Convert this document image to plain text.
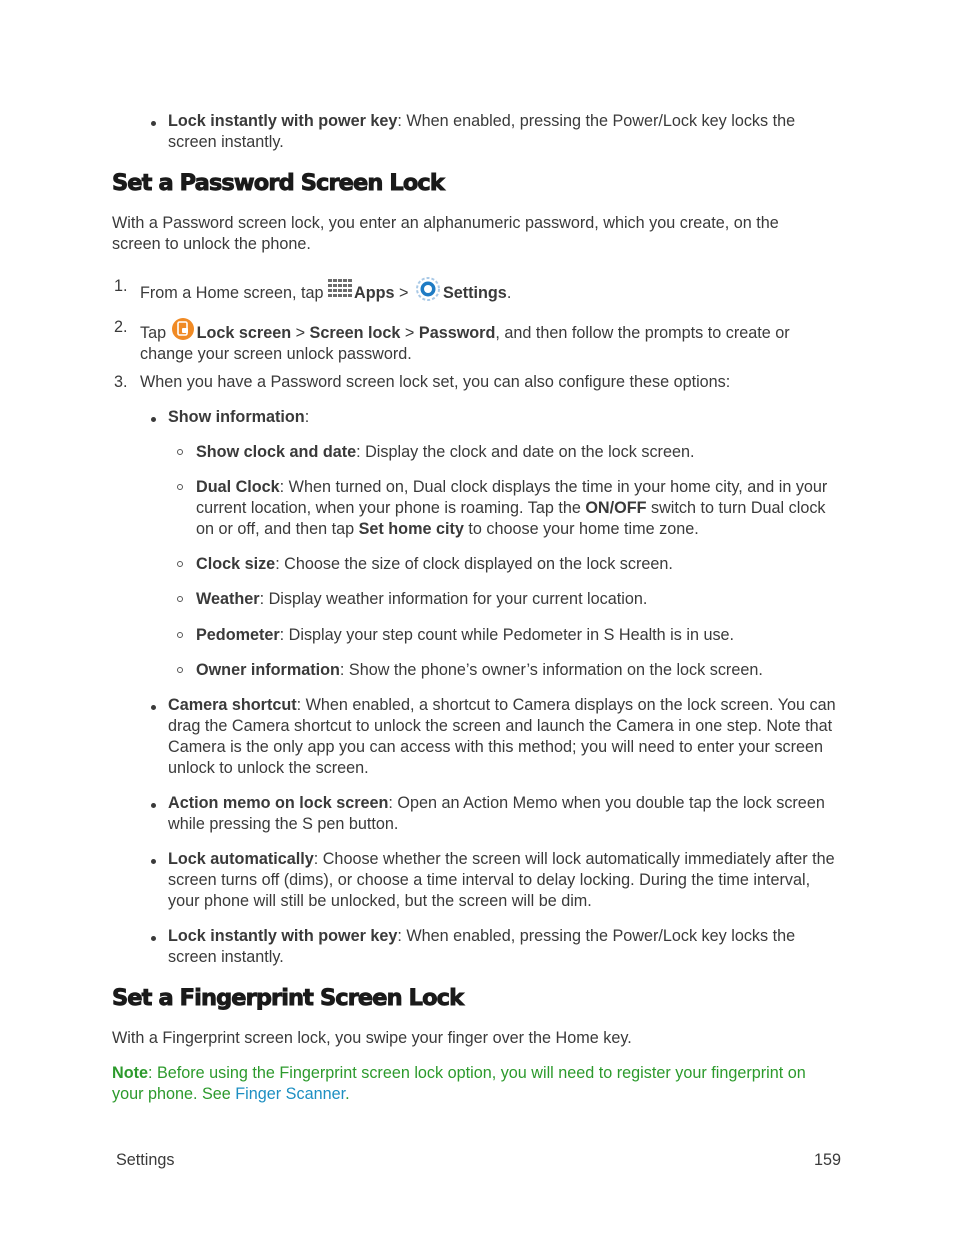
Lock instantly with power key: When enabled, pressing the Power/Lock key locks the screen instantly.
Set a Password Screen Lock
With a Password screen lock, you enter an alphanumeric password, which you create, on the screen to unlock the phone.
1. From a Home screen, tap Apps > Settings.
2. Tap Lock screen > Screen lock > Password, and then follow the prompts to create or change your screen unlock password.
3. When you have a Password screen lock set, you can also configure these options:
Show information:
Show clock and date: Display the clock and date on the lock screen.
Dual Clock: When turned on, Dual clock displays the time in your home city, and in your current location, when your phone is roaming. Tap the ON/OFF switch to turn Dual clock on or off, and then tap Set home city to choose your home time zone.
Clock size: Choose the size of clock displayed on the lock screen.
Weather: Display weather information for your current location.
Pedometer: Display your step count while Pedometer in S Health is in use.
Owner information: Show the phone’s owner’s information on the lock screen.
Camera shortcut: When enabled, a shortcut to Camera displays on the lock screen. You can drag the Camera shortcut to unlock the screen and launch the Camera in one step. Note that Camera is the only app you can access with this method; you will need to enter your screen unlock to unlock the screen.
Action memo on lock screen: Open an Action Memo when you double tap the lock screen while pressing the S pen button.
Lock automatically: Choose whether the screen will lock automatically immediately after the screen turns off (dims), or choose a time interval to delay locking. During the time interval, your phone will still be unlocked, but the screen will be dim.
Lock instantly with power key: When enabled, pressing the Power/Lock key locks the screen instantly.
Set a Fingerprint Screen Lock
With a Fingerprint screen lock, you swipe your finger over the Home key.
Note: Before using the Fingerprint screen lock option, you will need to register your fingerprint on your phone. See Finger Scanner.
Settings	159
